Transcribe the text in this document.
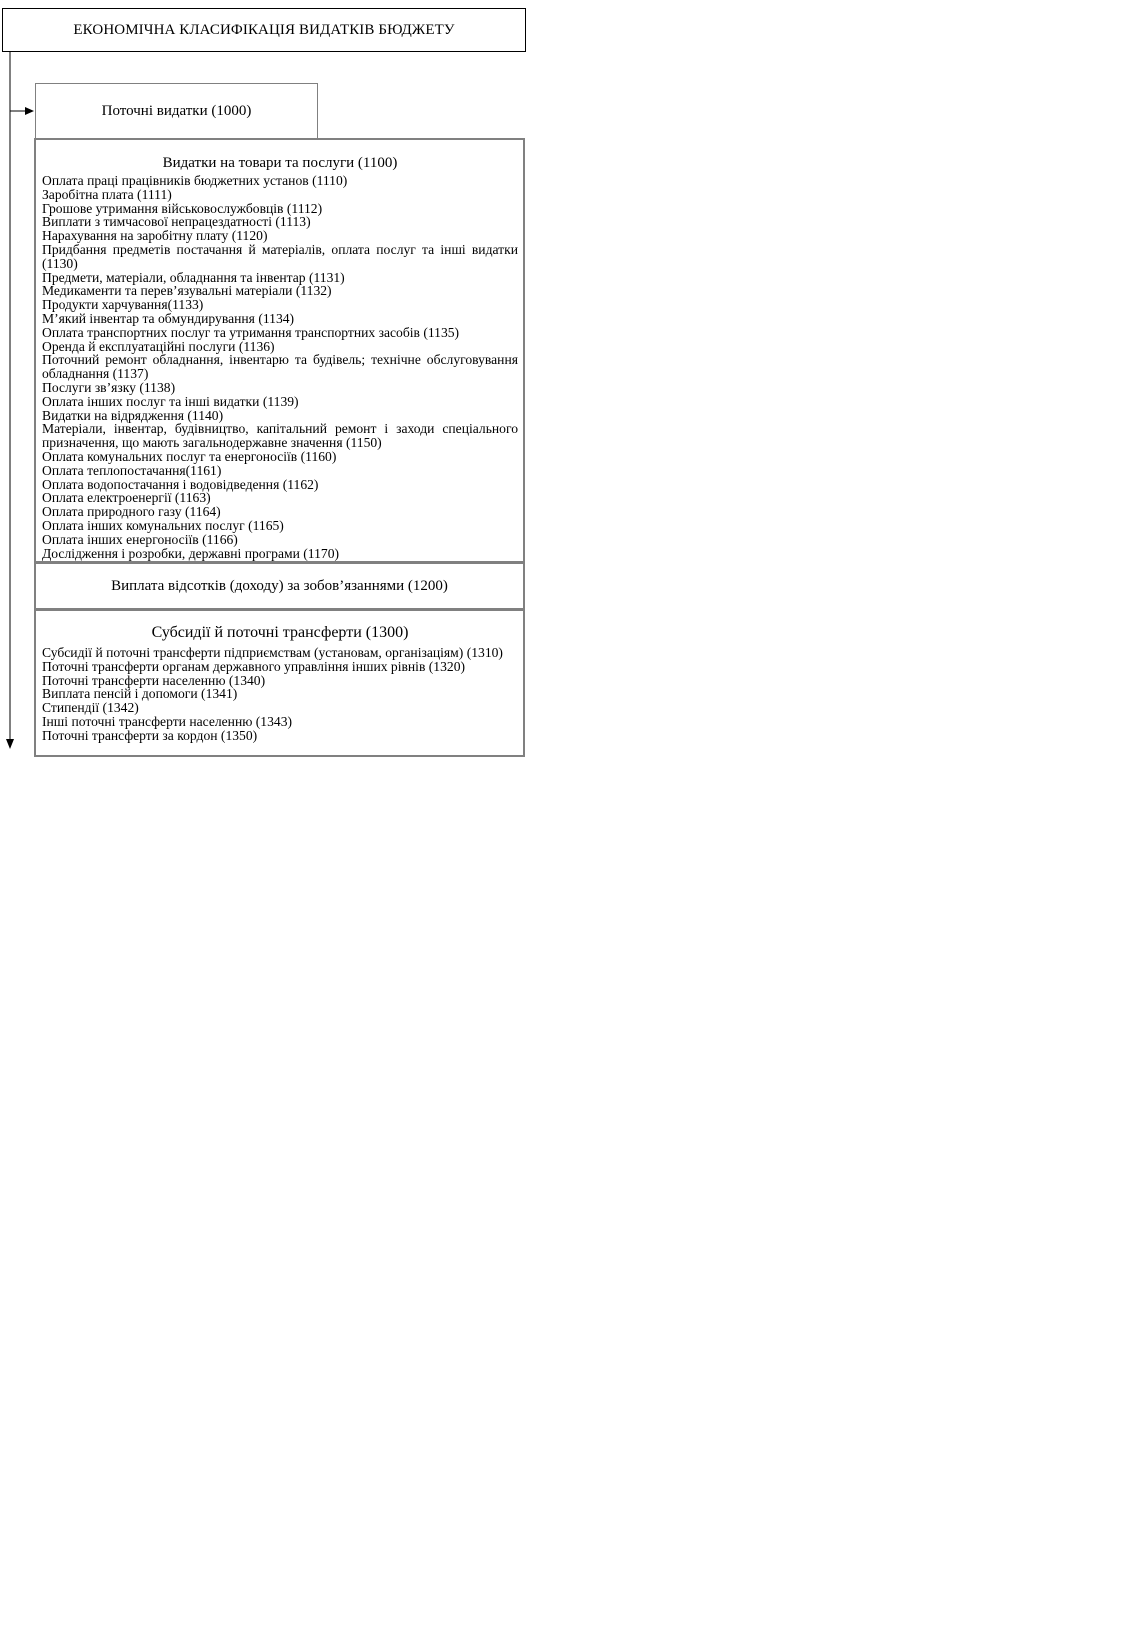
ЕКОНОМІЧНА КЛАСИФІКАЦІЯ ВИДАТКІВ БЮДЖЕТУ
Поточні видатки (1000)
Видатки на товари та послуги (1100)
Оплата праці працівників бюджетних установ (1110)
Заробітна плата (1111)
Грошове утримання військовослужбовців (1112)
Виплати з тимчасової непрацездатності (1113)
Нарахування на заробітну плату (1120)
Придбання предметів постачання й матеріалів, оплата послуг та інші видатки (1130)
Предмети, матеріали, обладнання та інвентар (1131)
Медикаменти та перев’язувальні матеріали (1132)
Продукти харчування(1133)
М’який інвентар та обмундирування (1134)
Оплата транспортних послуг та утримання транспортних засобів (1135)
Оренда й експлуатаційні послуги (1136)
Поточний ремонт обладнання, інвентарю та будівель; технічне обслуговування обладнання (1137)
Послуги зв’язку (1138)
Оплата інших послуг та інші видатки (1139)
Видатки на відрядження (1140)
Матеріали, інвентар, будівництво, капітальний ремонт і заходи спеціального призначення, що мають загальнодержавне значення (1150)
Оплата комунальних послуг та енергоносіїв (1160)
Оплата теплопостачання(1161)
Оплата водопостачання і водовідведення (1162)
Оплата електроенергії (1163)
Оплата природного газу (1164)
Оплата інших комунальних послуг (1165)
Оплата інших енергоносіїв (1166)
Дослідження і розробки, державні програми (1170)
Виплата відсотків (доходу) за зобов’язаннями (1200)
Субсидії й поточні трансферти (1300)
Субсидії й поточні трансферти підприємствам (установам, організаціям) (1310)
Поточні трансферти органам державного управління інших рівнів (1320)
Поточні трансферти населенню (1340)
Виплата пенсій і допомоги (1341)
Стипендії (1342)
Інші поточні трансферти населенню (1343)
Поточні трансферти за кордон (1350)
